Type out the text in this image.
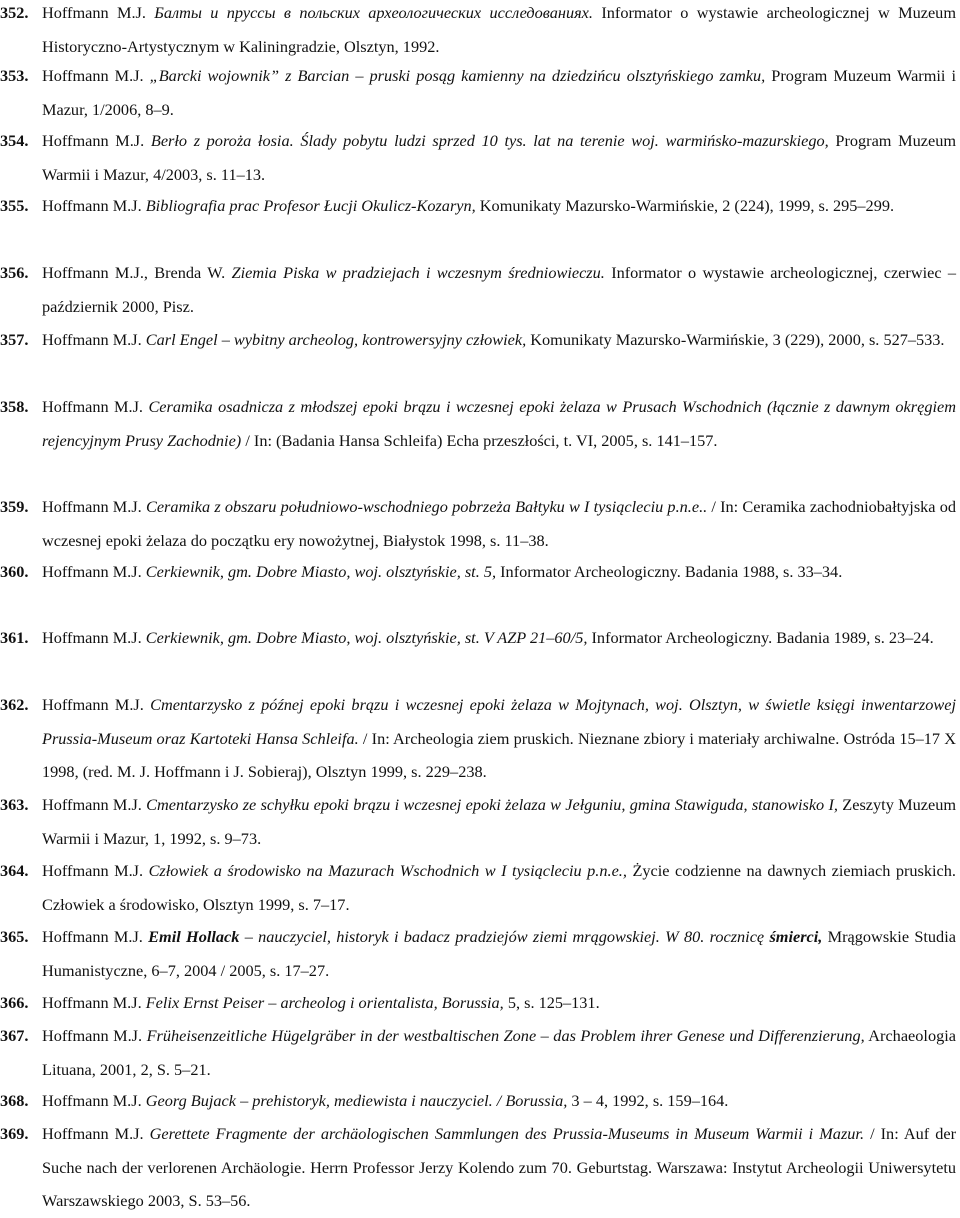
352. Hoffmann M.J. Балты и пруссы в польских археологических исследованиях. Informator o wystawie archeologicznej w Muzeum Historyczno-Artystycznym w Kaliningradzie, Olsztyn, 1992.
353. Hoffmann M.J. „Barcki wojownik” z Barcian – pruski posąg kamienny na dziedzińcu olsztyńskiego zamku, Program Muzeum Warmii i Mazur, 1/2006, 8–9.
354. Hoffmann M.J. Berło z poroża łosia. Ślady pobytu ludzi sprzed 10 tys. lat na terenie woj. warmińsko-mazurskiego, Program Muzeum Warmii i Mazur, 4/2003, s. 11–13.
355. Hoffmann M.J. Bibliografia prac Profesor Łucji Okulicz-Kozaryn, Komunikaty Mazursko-Warmińskie, 2 (224), 1999, s. 295–299.
356. Hoffmann M.J., Brenda W. Ziemia Piska w pradziejach i wczesnym średniowieczu. Informator o wystawie archeologicznej, czerwiec – październik 2000, Pisz.
357. Hoffmann M.J. Carl Engel – wybitny archeolog, kontrowersyjny człowiek, Komunikaty Mazursko-Warmińskie, 3 (229), 2000, s. 527–533.
358. Hoffmann M.J. Ceramika osadnicza z młodszej epoki brązu i wczesnej epoki żelaza w Prusach Wschodnich (łącznie z dawnym okręgiem rejencyjnym Prusy Zachodnie) / In: (Badania Hansa Schleifa) Echa przeszłości, t. VI, 2005, s. 141–157.
359. Hoffmann M.J. Ceramika z obszaru południowo-wschodniego pobrzeża Bałtyku w I tysiącleciu p.n.e.. / In: Ceramika zachodniobałtyjska od wczesnej epoki żelaza do początku ery nowożytnej, Białystok 1998, s. 11–38.
360. Hoffmann M.J. Cerkiewnik, gm. Dobre Miasto, woj. olsztyńskie, st. 5, Informator Archeologiczny. Badania 1988, s. 33–34.
361. Hoffmann M.J. Cerkiewnik, gm. Dobre Miasto, woj. olsztyńskie, st. V AZP 21–60/5, Informator Archeologiczny. Badania 1989, s. 23–24.
362. Hoffmann M.J. Cmentarzysko z późnej epoki brązu i wczesnej epoki żelaza w Mojtynach, woj. Olsztyn, w świetle księgi inwentarzowej Prussia-Museum oraz Kartoteki Hansa Schleifa. / In: Archeologia ziem pruskich. Nieznane zbiory i materiały archiwalne. Ostróda 15–17 X 1998, (red. M. J. Hoffmann i J. Sobieraj), Olsztyn 1999, s. 229–238.
363. Hoffmann M.J. Cmentarzysko ze schyłku epoki brązu i wczesnej epoki żelaza w Jełguniu, gmina Stawiguda, stanowisko I, Zeszyty Muzeum Warmii i Mazur, 1, 1992, s. 9–73.
364. Hoffmann M.J. Człowiek a środowisko na Mazurach Wschodnich w I tysiącleciu p.n.e., Życie codzienne na dawnych ziemiach pruskich. Człowiek a środowisko, Olsztyn 1999, s. 7–17.
365. Hoffmann M.J. Emil Hollack – nauczyciel, historyk i badacz pradziejów ziemi mrągowskiej. W 80. rocznicę śmierci, Mrągowskie Studia Humanistyczne, 6–7, 2004 / 2005, s. 17–27.
366. Hoffmann M.J. Felix Ernst Peiser – archeolog i orientalista, Borussia, 5, s. 125–131.
367. Hoffmann M.J. Früheisenzeitliche Hügelgräber in der westbaltischen Zone – das Problem ihrer Genese und Differenzierung, Archaeologia Lituana, 2001, 2, S. 5–21.
368. Hoffmann M.J. Georg Bujack – prehistoryk, mediewista i nauczyciel. / Borussia, 3 – 4, 1992, s. 159–164.
369. Hoffmann M.J. Gerettete Fragmente der archäologischen Sammlungen des Prussia-Museums in Museum Warmii i Mazur. / In: Auf der Suche nach der verlorenen Archäologie. Herrn Professor Jerzy Kolendo zum 70. Geburtstag. Warszawa: Instytut Archeologii Uniwersytetu Warszawskiego 2003, S. 53–56.
